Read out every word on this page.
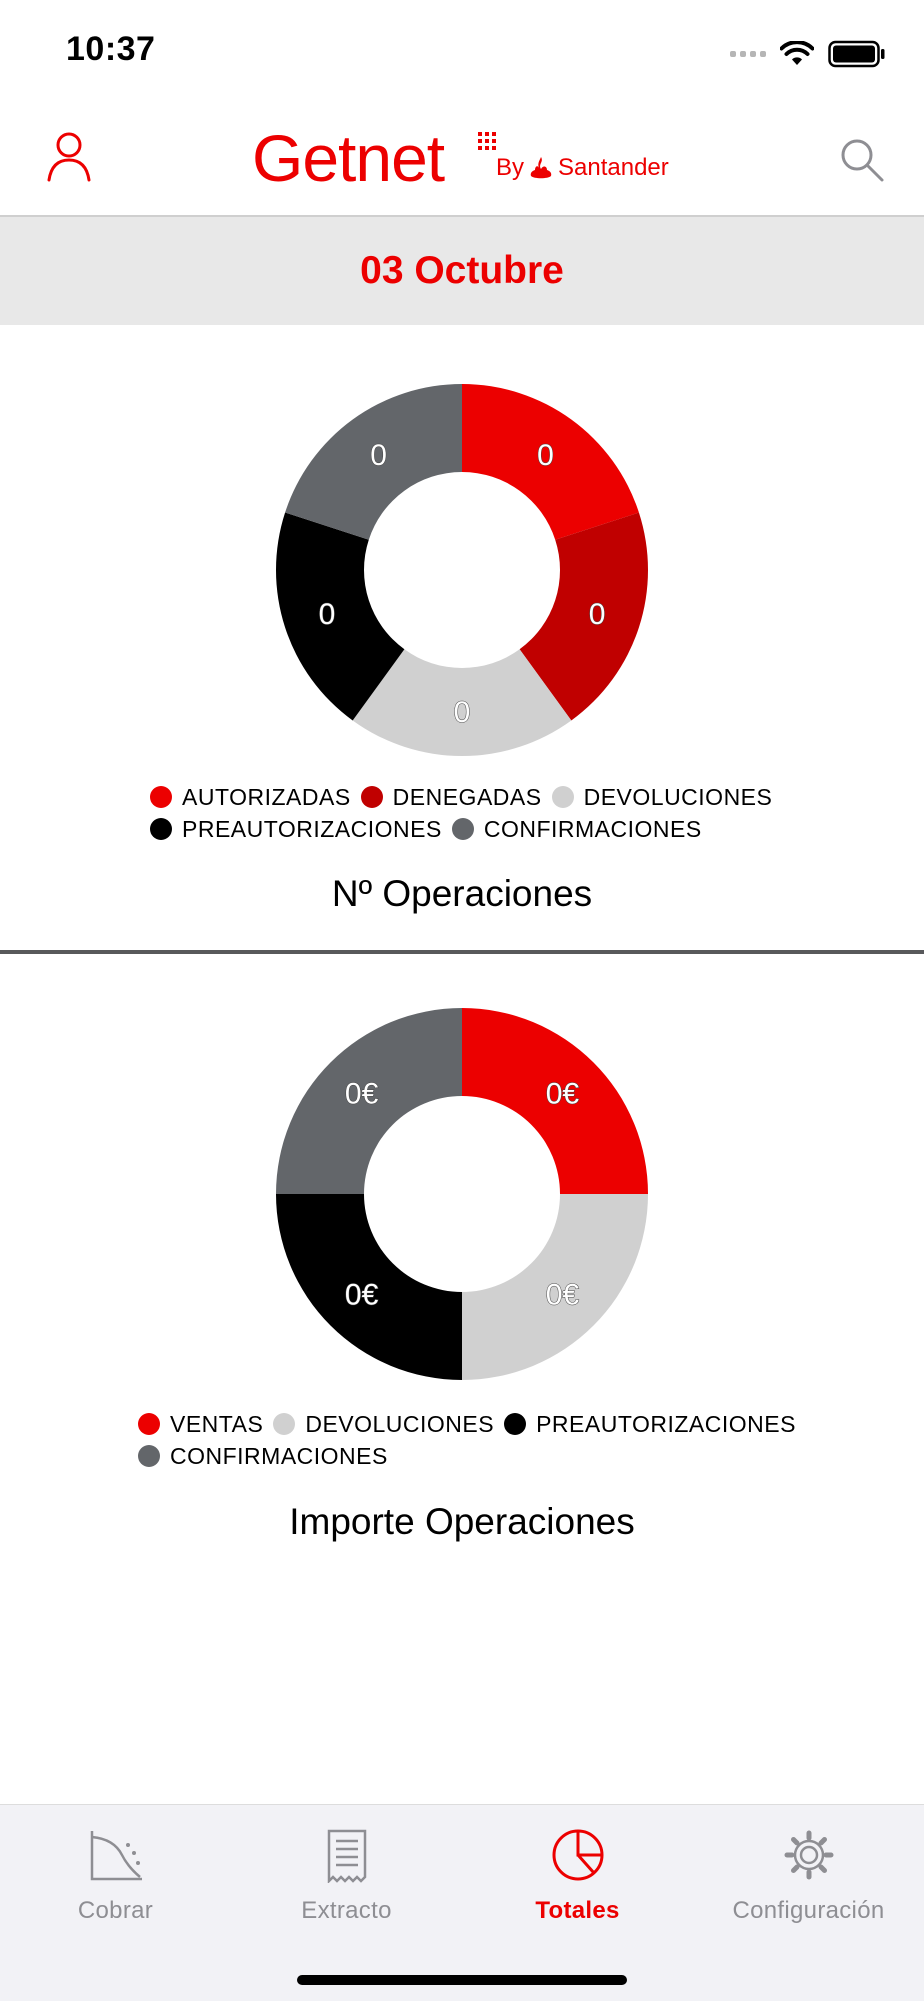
10:37
Getnet By Santander
03 Octubre
0
0
0
0
0
AUTORIZADAS DENEGADAS DEVOLUCIONES
PREAUTORIZACIONES CONFIRMACIONES
Nº Operaciones
0€
0€
0€
0€
VENTAS DEVOLUCIONES PREAUTORIZACIONES
CONFIRMACIONES
Importe Operaciones
Cobrar	Extracto	Totales	Configuración
